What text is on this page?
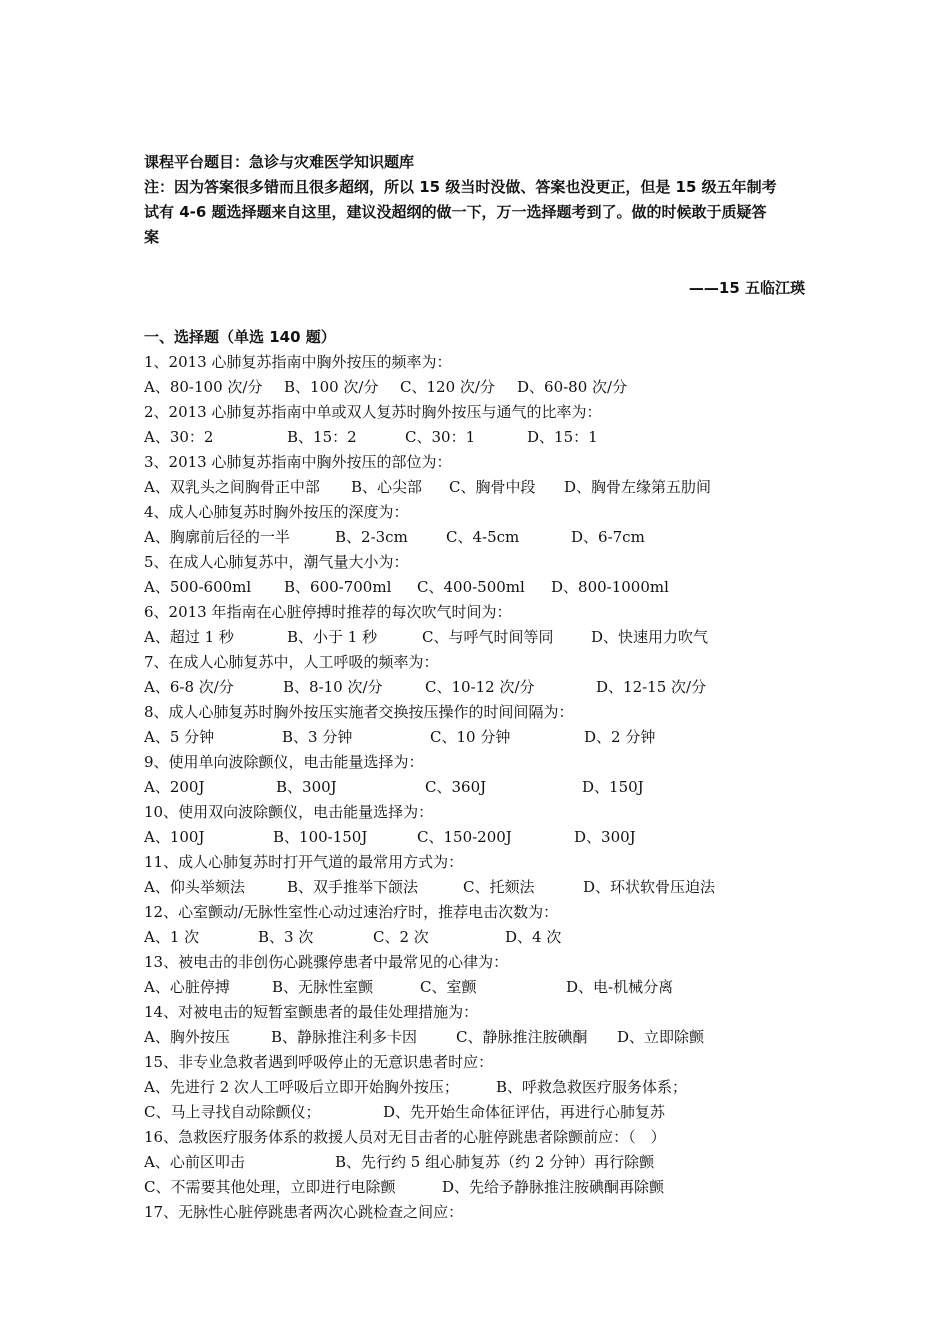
课程平台题目：急诊与灾难医学知识题库
注：因为答案很多错而且很多超纲，所以 15 级当时没做、答案也没更正，但是 15 级五年制考
试有 4-6 题选择题来自这里，建议没超纲的做一下，万一选择题考到了。做的时候敢于质疑答
案
——15 五临江瑛
一、选择题（单选 140 题）
1、2013 心肺复苏指南中胸外按压的频率为：
A、80-100 次/分 B、100 次/分 C、120 次/分 D、60-80 次/分
2、2013 心肺复苏指南中单或双人复苏时胸外按压与通气的比率为：
A、30：2	B、15：2	C、30：1	D、15：1
3、2013 心肺复苏指南中胸外按压的部位为：
A、双乳头之间胸骨正中部 B、心尖部 C、胸骨中段 D、胸骨左缘第五肋间
4、成人心肺复苏时胸外按压的深度为：
A、胸廓前后径的一半	B、2-3cm	C、4-5cm	D、6-7cm
5、在成人心肺复苏中，潮气量大小为：
A、500-600ml B、600-700ml C、400-500ml D、800-1000ml
6、2013 年指南在心脏停搏时推荐的每次吹气时间为：
A、超过 1 秒	B、小于 1 秒	C、与呼气时间等同	D、快速用力吹气
7、在成人心肺复苏中，人工呼吸的频率为：
A、6-8 次/分	B、8-10 次/分	C、10-12 次/分	D、12-15 次/分
8、成人心肺复苏时胸外按压实施者交换按压操作的时间间隔为：
A、5 分钟	B、3 分钟	C、10 分钟	D、2 分钟
9、使用单向波除颤仪，电击能量选择为：
A、200J	B、300J	C、360J	D、150J
10、使用双向波除颤仪，电击能量选择为：
A、100J	B、100-150J	C、150-200J	D、300J
11、成人心肺复苏时打开气道的最常用方式为：
A、仰头举颏法	B、双手推举下颌法	C、托颏法	D、环状软骨压迫法
12、心室颤动/无脉性室性心动过速治疗时，推荐电击次数为：
A、1 次	B、3 次	C、2 次	D、4 次
13、被电击的非创伤心跳骤停患者中最常见的心律为：
A、心脏停搏	B、无脉性室颤	C、室颤	D、电-机械分离
14、对被电击的短暂室颤患者的最佳处理措施为：
A、胸外按压	B、静脉推注利多卡因	C、静脉推注胺碘酮 D、立即除颤
15、非专业急救者遇到呼吸停止的无意识患者时应：
A、先进行 2 次人工呼吸后立即开始胸外按压； B、呼救急救医疗服务体系；
C、马上寻找自动除颤仪；	D、先开始生命体征评估，再进行心肺复苏
16、急救医疗服务体系的救援人员对无目击者的心脏停跳患者除颤前应：（　）
A、心前区叩击	B、先行约 5 组心肺复苏（约 2 分钟）再行除颤
C、不需要其他处理，立即进行电除颤	D、先给予静脉推注胺碘酮再除颤
17、无脉性心脏停跳患者两次心跳检查之间应：
